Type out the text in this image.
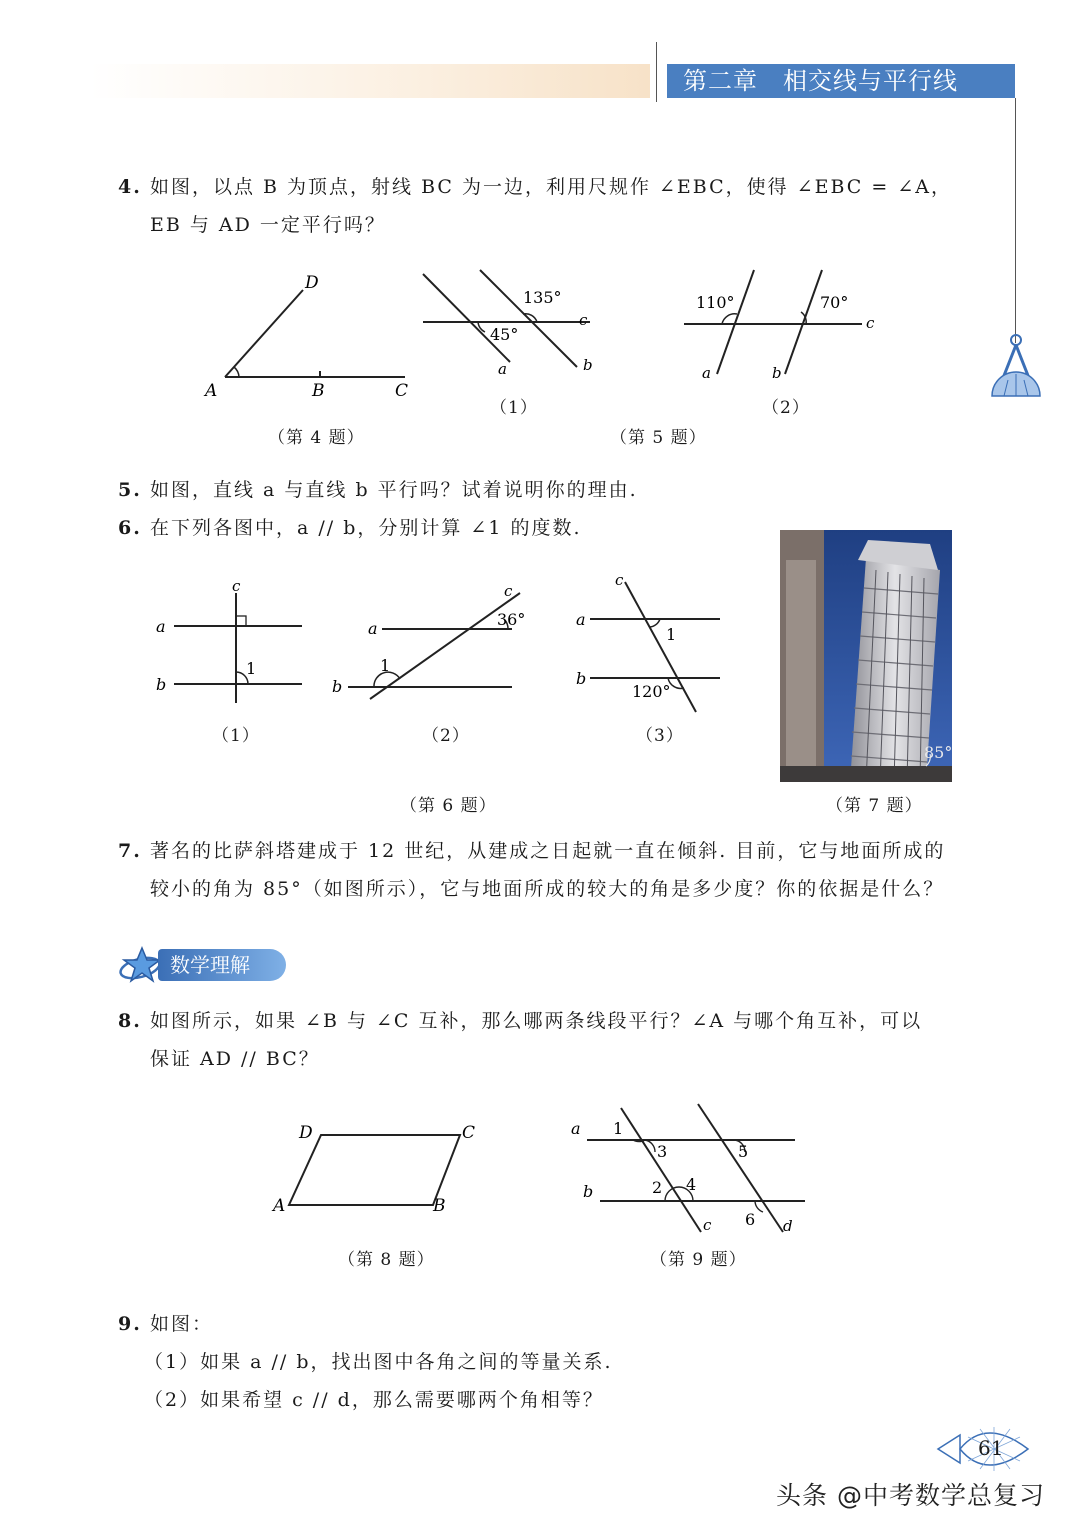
第二章　相交线与平行线
4. 如图，以点 B 为顶点，射线 BC 为一边，利用尺规作 ∠EBC，使得 ∠EBC = ∠A，
EB 与 AD 一定平行吗？
D
A	B	C
（第 4 题）
135°
45°
c
a	b
（1）
110°	70°
c
a	b
（2）
（第 5 题）
5. 如图，直线 a 与直线 b 平行吗？试着说明你的理由.
6. 在下列各图中，a // b，分别计算 ∠1 的度数.
c
a
b
1
（1）
c
36°
a
1
b
（2）
c
a
1
b
120°
（3）
（第 6 题）
85°
（第 7 题）
7. 著名的比萨斜塔建成于 12 世纪，从建成之日起就一直在倾斜. 目前，它与地面所成的
较小的角为 85°（如图所示），它与地面所成的较大的角是多少度？你的依据是什么？
数学理解
8. 如图所示，如果 ∠B 与 ∠C 互补，那么哪两条线段平行？∠A 与哪个角互补，可以
保证 AD // BC？
D	C
A	B
（第 8 题）
a
b
c	d
1
2
3
4
5
6
（第 9 题）
9. 如图：
（1）如果 a // b，找出图中各角之间的等量关系.
（2）如果希望 c // d，那么需要哪两个角相等？
61
头条 @中考数学总复习
